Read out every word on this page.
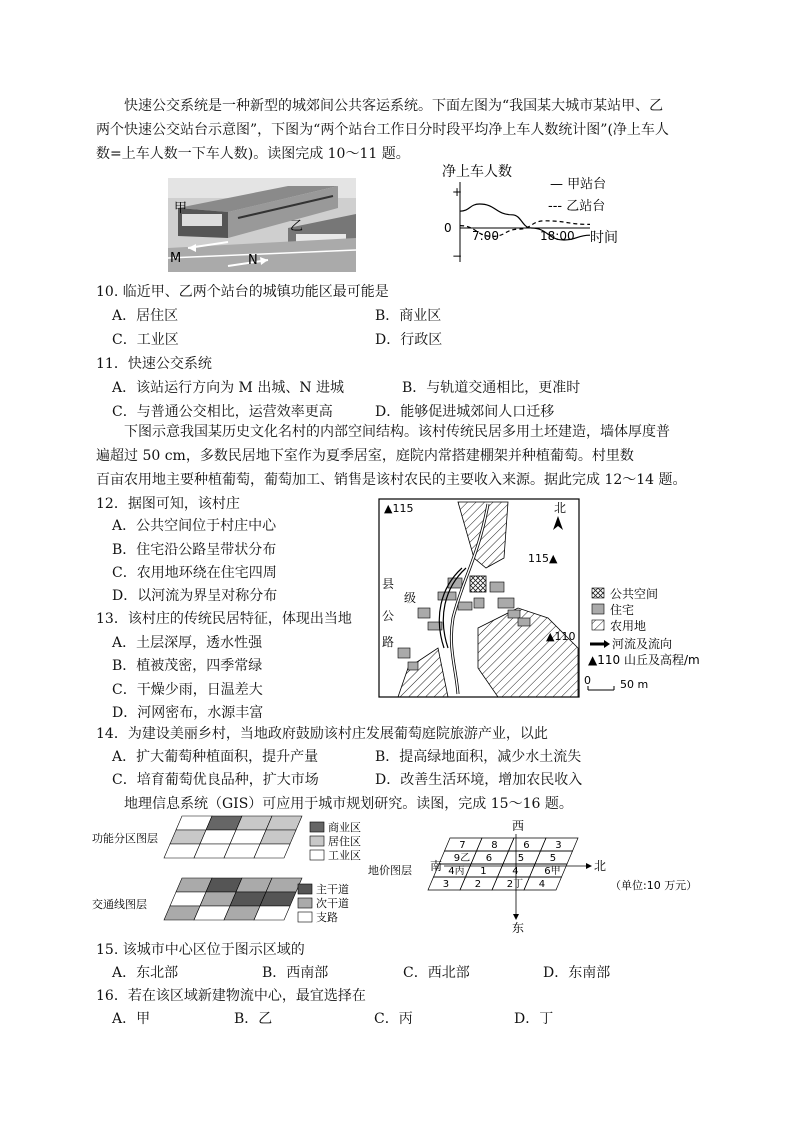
快速公交系统是一种新型的城郊间公共客运系统。下面左图为“我国某大城市某站甲、乙
两个快速公交站台示意图”，下图为“两个站台工作日分时段平均净上车人数统计图”(净上车人
数=上车人数一下车人数)。读图完成 10～11 题。
甲
乙
M	N
净上车人数
+
0
−
7:00	18:00 时间
— 甲站台
--- 乙站台
10. 临近甲、乙两个站台的城镇功能区最可能是
A．居住区	B．商业区
C．工业区	D．行政区
11．快速公交系统
A．该站运行方向为 M 出城、N 进城	B．与轨道交通相比，更准时
C．与普通公交相比，运营效率更高	D．能够促进城郊间人口迁移
下图示意我国某历史文化名村的内部空间结构。该村传统民居多用土坯建造，墙体厚度普
遍超过 50 cm，多数民居地下室作为夏季居室，庭院内常搭建棚架并种植葡萄。村里数
百亩农用地主要种植葡萄，葡萄加工、销售是该村农民的主要收入来源。据此完成 12～14 题。
12．据图可知，该村庄
A．公共空间位于村庄中心
B．住宅沿公路呈带状分布
C．农用地环绕在住宅四周
D．以河流为界呈对称分布
13．该村庄的传统民居特征，体现出当地
A．土层深厚，透水性强
B．植被茂密，四季常绿
C．干燥少雨，日温差大
D．河网密布，水源丰富
▲115
115▲
▲110
北
县
级
公
路
公共空间
住宅
农用地
河流及流向
▲110 山丘及高程/m
0	50 m
14．为建设美丽乡村，当地政府鼓励该村庄发展葡萄庭院旅游产业，以此
A．扩大葡萄种植面积，提升产量	B．提高绿地面积，减少水土流失
C．培育葡萄优良品种，扩大市场	D．改善生活环境，增加农民收入
地理信息系统（GIS）可应用于城市规划研究。读图，完成 15～16 题。
功能分区图层
商业区
居住区
工业区
交通线图层
主干道
次干道
支路
西
东
南	北
地价图层
7	8	6	3
9乙 6	5	5
4丙 1	4	6甲
3	2	2丁 4	（单位:10 万元）
15. 该城市中心区位于图示区域的
A．东北部	B．西南部	C．西北部	D．东南部
16．若在该区域新建物流中心，最宜选择在
A．甲	B．乙	C．丙	D．丁
